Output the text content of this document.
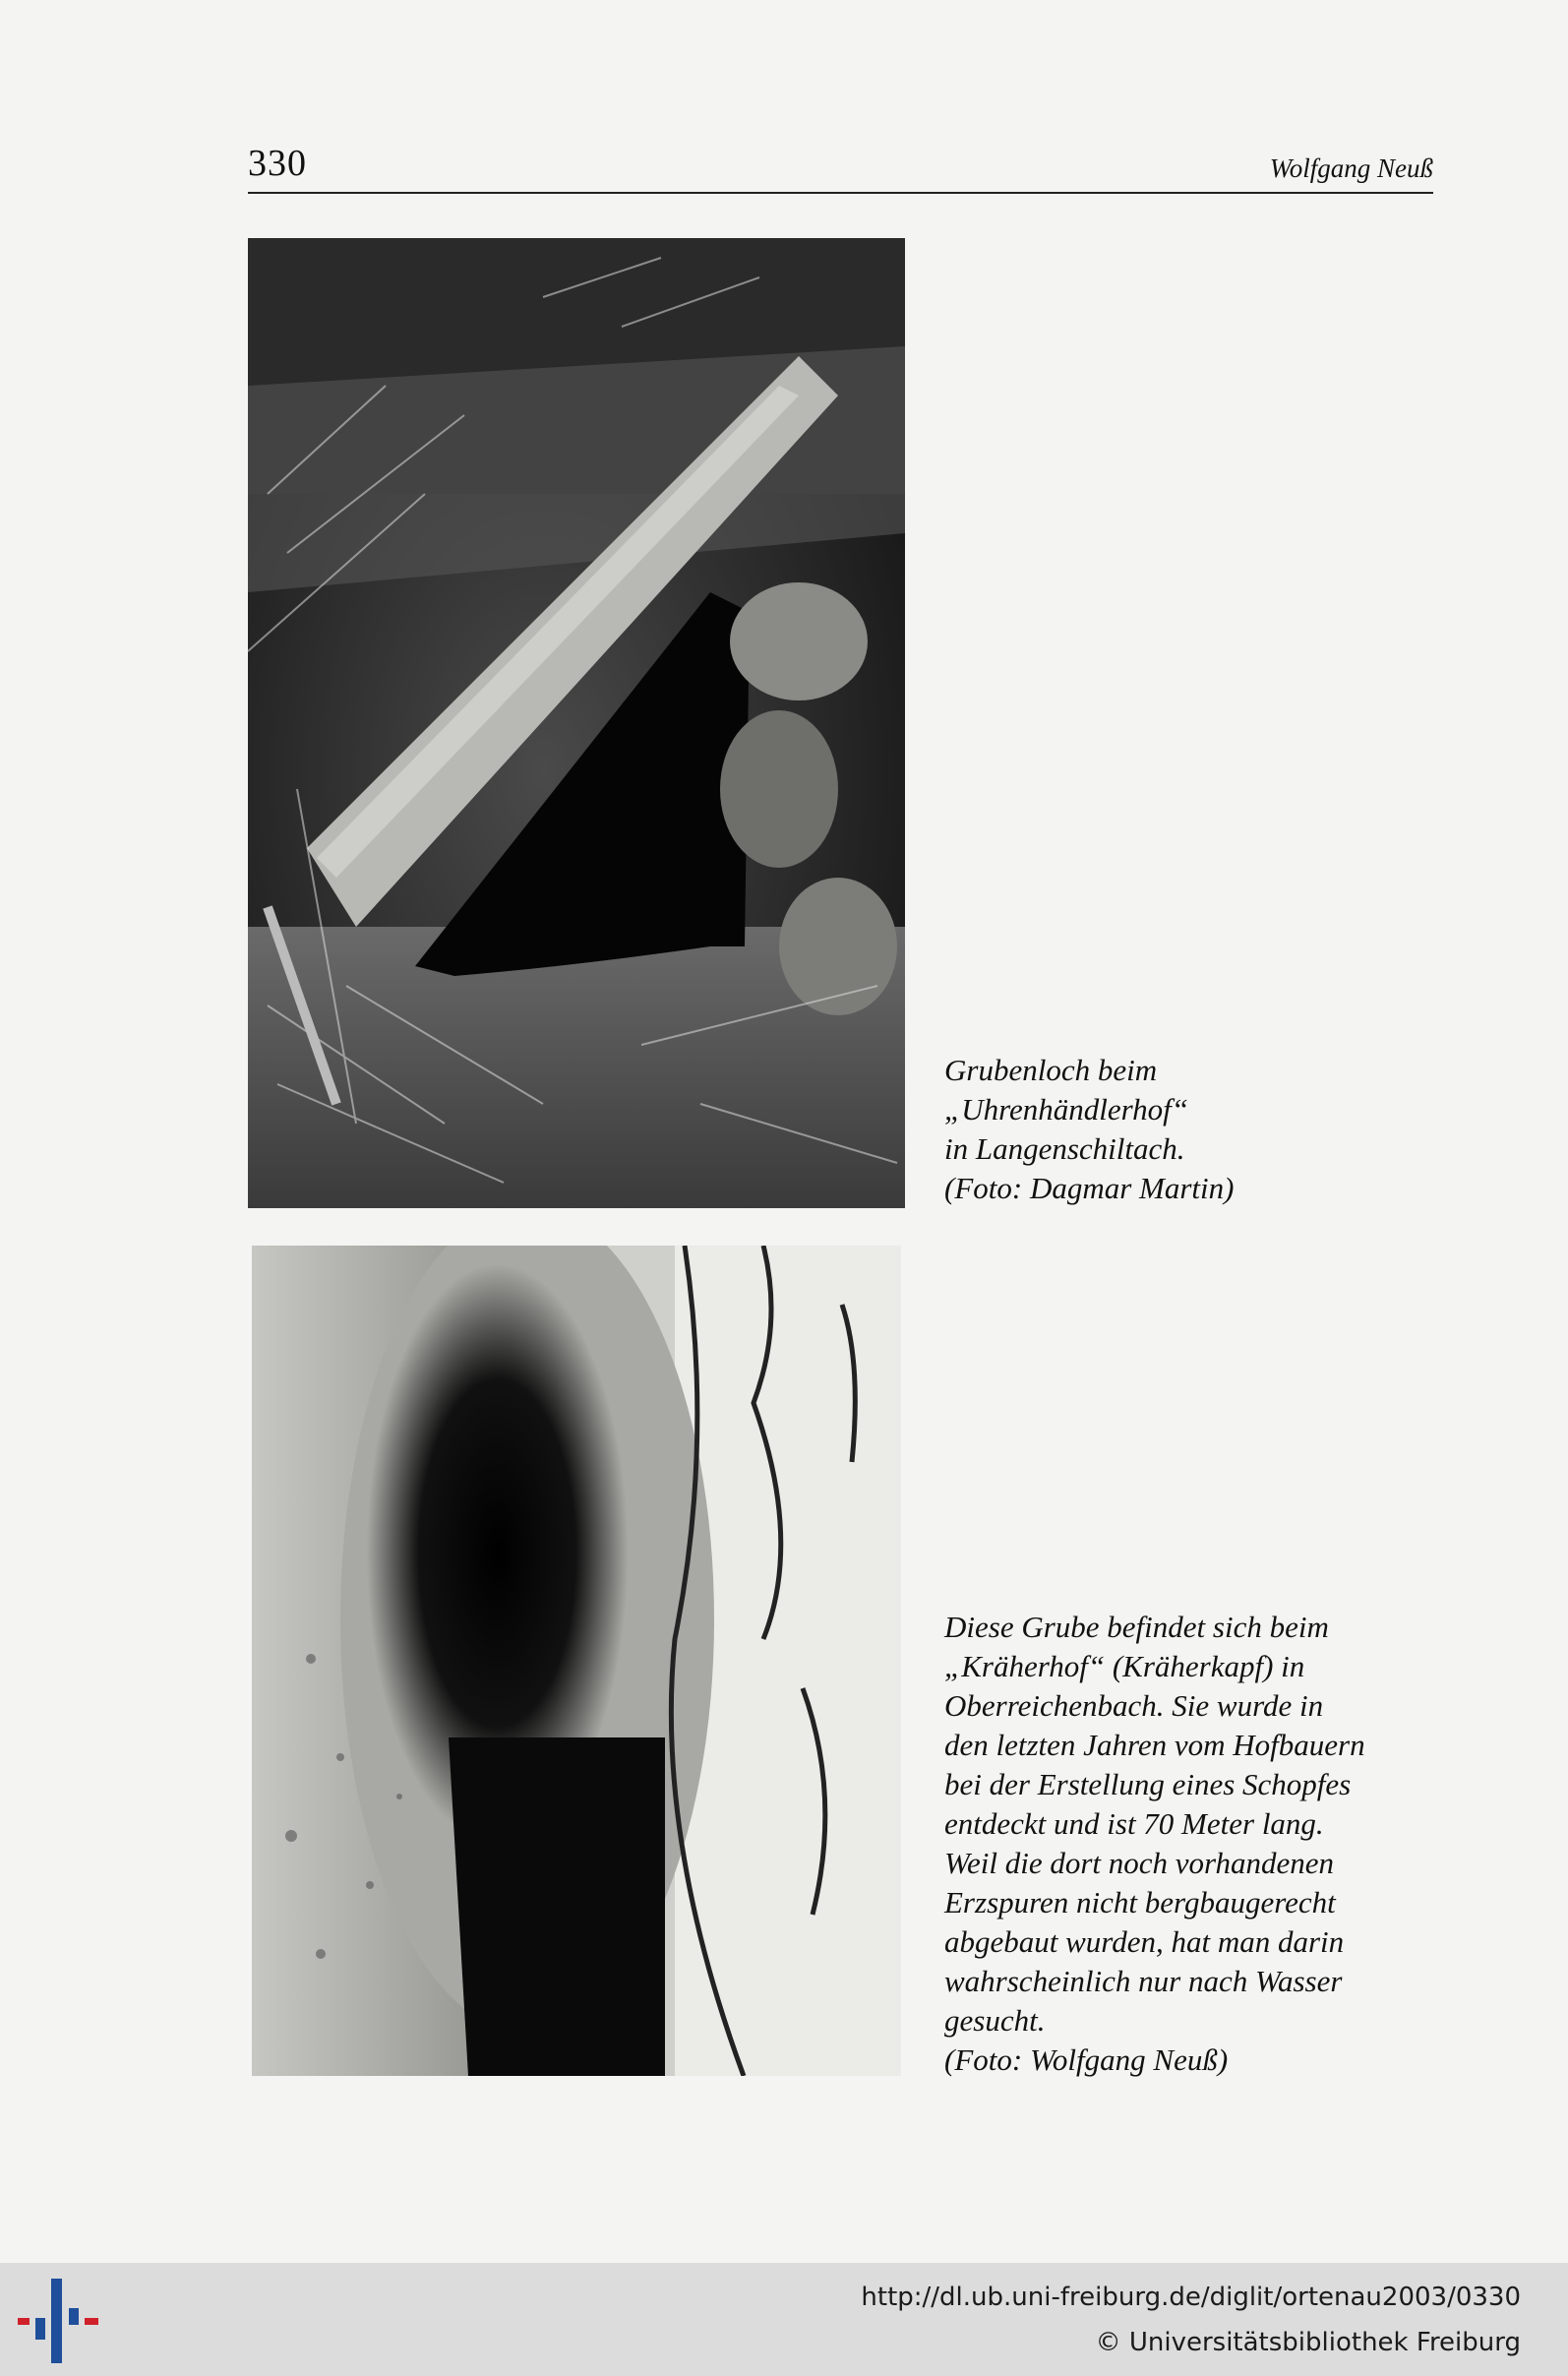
330	Wolfgang Neuß
Grubenloch beim
„Uhrenhändlerhof“
in Langenschiltach.
(Foto: Dagmar Martin)
Diese Grube befindet sich beim
„Kräherhof“ (Kräherkapf) in
Oberreichenbach. Sie wurde in
den letzten Jahren vom Hofbauern
bei der Erstellung eines Schopfes
entdeckt und ist 70 Meter lang.
Weil die dort noch vorhandenen
Erzspuren nicht bergbaugerecht
abgebaut wurden, hat man darin
wahrscheinlich nur nach Wasser
gesucht.
(Foto: Wolfgang Neuß)
http://dl.ub.uni-freiburg.de/diglit/ortenau2003/0330
© Universitätsbibliothek Freiburg
